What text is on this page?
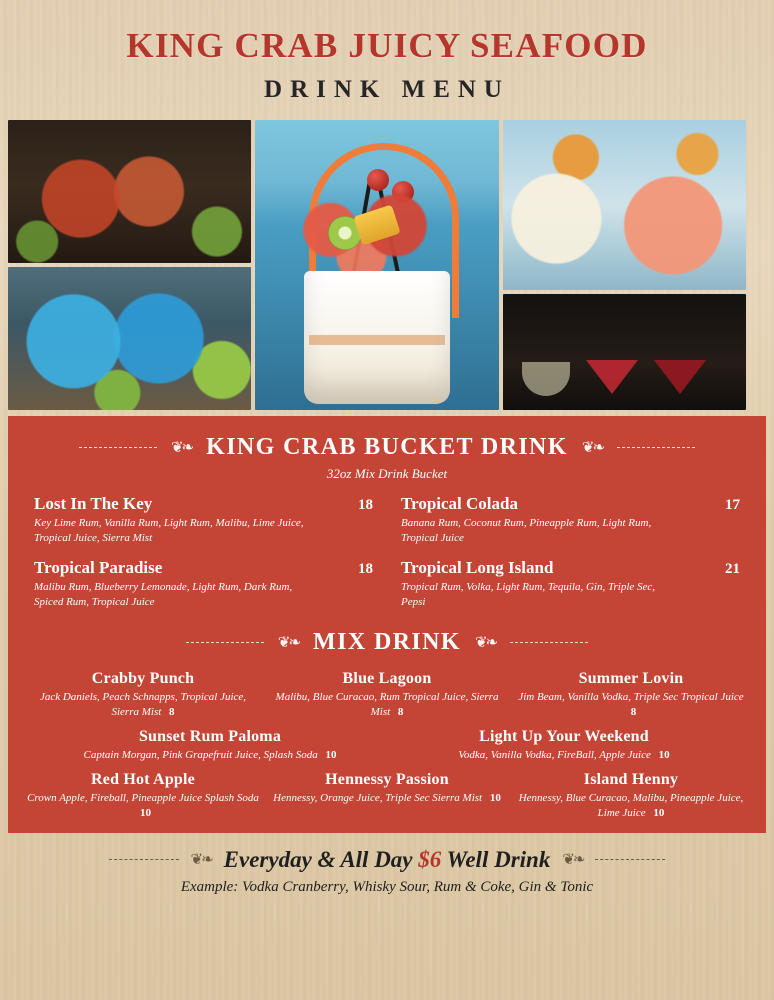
KING CRAB JUICY SEAFOOD
DRINK MENU
❦❧ KING CRAB BUCKET DRINK ❦❧
32oz Mix Drink Bucket
Lost In The Key	18
Key Lime Rum, Vanilla Rum, Light Rum, Malibu, Lime Juice, Tropical Juice, Sierra Mist
Tropical Colada	17
Banana Rum, Coconut Rum, Pineapple Rum, Light Rum, Tropical Juice
Tropical Paradise	18
Malibu Rum, Blueberry Lemonade, Light Rum, Dark Rum, Spiced Rum, Tropical Juice
Tropical Long Island	21
Tropical Rum, Volka, Light Rum, Tequila, Gin, Triple Sec, Pepsi
❦❧ MIX DRINK ❦❧
Crabby Punch
Jack Daniels, Peach Schnapps, Tropical Juice, Sierra Mist 8
Blue Lagoon
Malibu, Blue Curacao, Rum Tropical Juice, Sierra Mist 8
Summer Lovin
Jim Beam, Vanilla Vodka, Triple Sec Tropical Juice 8
Sunset Rum Paloma
Captain Morgan, Pink Grapefruit Juice, Splash Soda 10
Light Up Your Weekend
Vodka, Vanilla Vodka, FireBall, Apple Juice 10
Red Hot Apple
Crown Apple, Fireball, Pineapple Juice Splash Soda 10
Hennessy Passion
Hennessy, Orange Juice, Triple Sec Sierra Mist 10
Island Henny
Hennessy, Blue Curacao, Malibu, Pineapple Juice, Lime Juice 10
❦❧ Everyday & All Day $6 Well Drink ❦❧
Example: Vodka Cranberry, Whisky Sour, Rum & Coke, Gin & Tonic
